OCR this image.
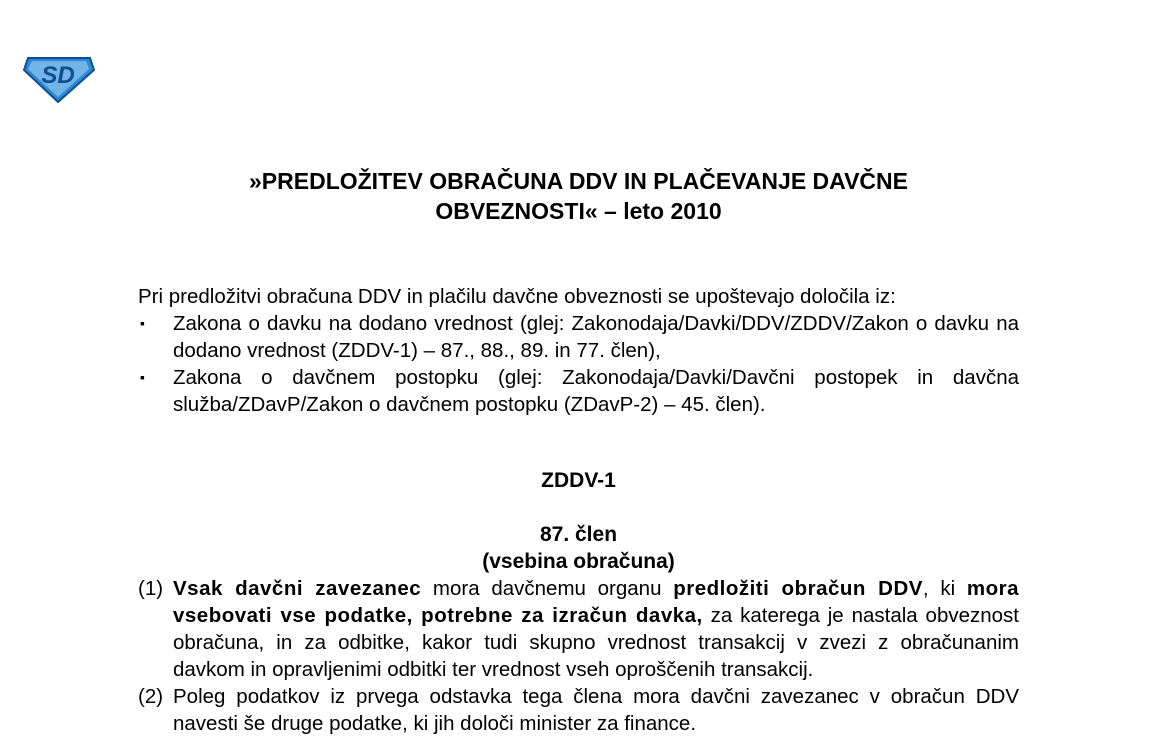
SD
»PREDLOŽITEV OBRAČUNA DDV IN PLAČEVANJE DAVČNE
OBVEZNOSTI« – leto 2010

Pri predložitvi obračuna DDV in plačilu davčne obveznosti se upoštevajo določila iz:

▪ Zakona o davku na dodano vrednost (glej: Zakonodaja/Davki/DDV/ZDDV/Zakon o davku na dodano vrednost (ZDDV-1) – 87., 88., 89. in 77. člen),
▪ Zakona o davčnem postopku (glej: Zakonodaja/Davki/Davčni postopek in davčna služba/ZDavP/Zakon o davčnem postopku (ZDavP-2) – 45. člen).
ZDDV-1
87. člen
(vsebina obračuna)

(1) Vsak davčni zavezanec mora davčnemu organu predložiti obračun DDV, ki mora vsebovati vse podatke, potrebne za izračun davka, za katerega je nastala obveznost obračuna, in za odbitke, kakor tudi skupno vrednost transakcij v zvezi z obračunanim davkom in opravljenimi odbitki ter vrednost vseh oproščenih transakcij.

(2) Poleg podatkov iz prvega odstavka tega člena mora davčni zavezanec v obračun DDV navesti še druge podatke, ki jih določi minister za finance.
